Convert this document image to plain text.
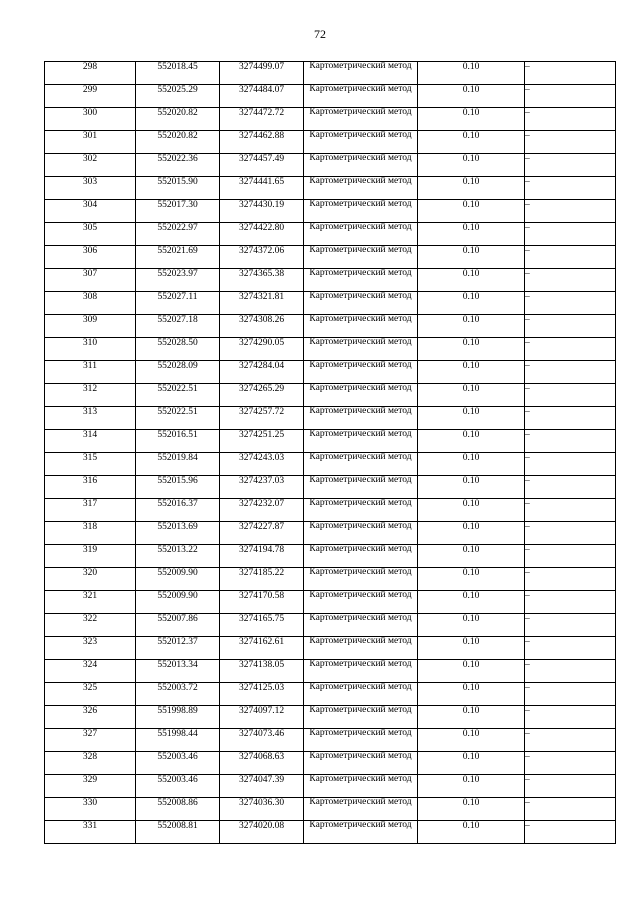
72
298	552018.45	3274499.07	Картометрический метод	0.10	–
299	552025.29	3274484.07	Картометрический метод	0.10	–
300	552020.82	3274472.72	Картометрический метод	0.10	–
301	552020.82	3274462.88	Картометрический метод	0.10	–
302	552022.36	3274457.49	Картометрический метод	0.10	–
303	552015.90	3274441.65	Картометрический метод	0.10	–
304	552017.30	3274430.19	Картометрический метод	0.10	–
305	552022.97	3274422.80	Картометрический метод	0.10	–
306	552021.69	3274372.06	Картометрический метод	0.10	–
307	552023.97	3274365.38	Картометрический метод	0.10	–
308	552027.11	3274321.81	Картометрический метод	0.10	–
309	552027.18	3274308.26	Картометрический метод	0.10	–
310	552028.50	3274290.05	Картометрический метод	0.10	–
311	552028.09	3274284.04	Картометрический метод	0.10	–
312	552022.51	3274265.29	Картометрический метод	0.10	–
313	552022.51	3274257.72	Картометрический метод	0.10	–
314	552016.51	3274251.25	Картометрический метод	0.10	–
315	552019.84	3274243.03	Картометрический метод	0.10	–
316	552015.96	3274237.03	Картометрический метод	0.10	–
317	552016.37	3274232.07	Картометрический метод	0.10	–
318	552013.69	3274227.87	Картометрический метод	0.10	–
319	552013.22	3274194.78	Картометрический метод	0.10	–
320	552009.90	3274185.22	Картометрический метод	0.10	–
321	552009.90	3274170.58	Картометрический метод	0.10	–
322	552007.86	3274165.75	Картометрический метод	0.10	–
323	552012.37	3274162.61	Картометрический метод	0.10	–
324	552013.34	3274138.05	Картометрический метод	0.10	–
325	552003.72	3274125.03	Картометрический метод	0.10	–
326	551998.89	3274097.12	Картометрический метод	0.10	–
327	551998.44	3274073.46	Картометрический метод	0.10	–
328	552003.46	3274068.63	Картометрический метод	0.10	–
329	552003.46	3274047.39	Картометрический метод	0.10	–
330	552008.86	3274036.30	Картометрический метод	0.10	–
331	552008.81	3274020.08	Картометрический метод	0.10	–
